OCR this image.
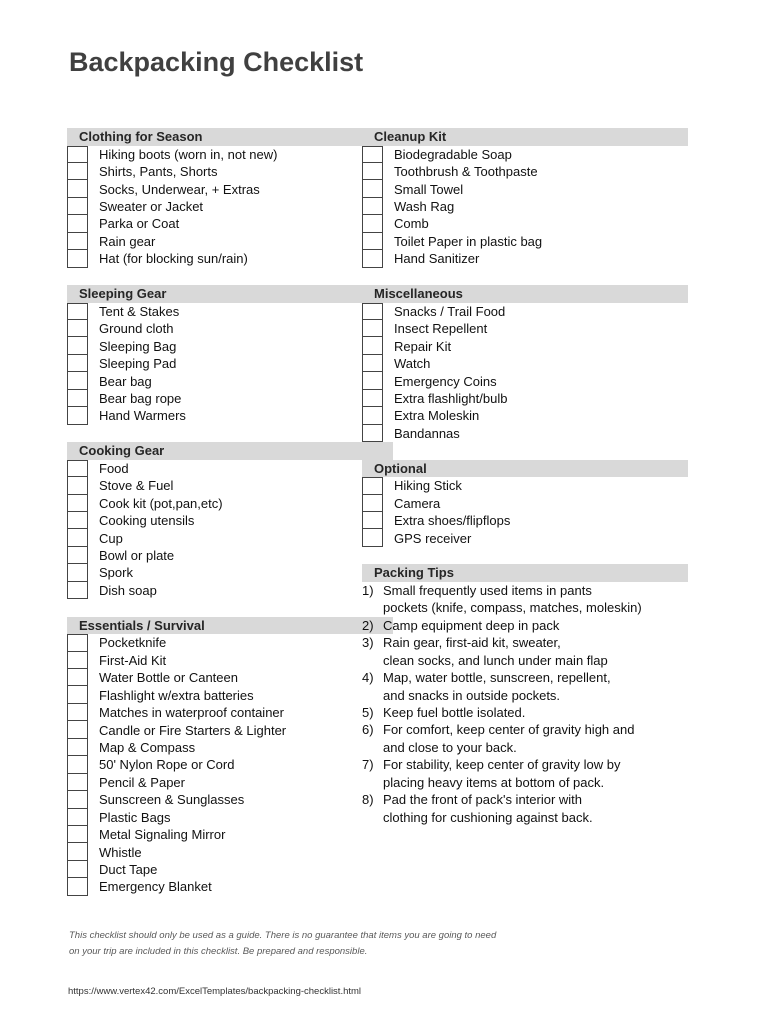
Backpacking Checklist
Clothing for Season
Hiking boots (worn in, not new)
Shirts, Pants, Shorts
Socks, Underwear, + Extras
Sweater or Jacket
Parka or Coat
Rain gear
Hat (for blocking sun/rain)
Sleeping Gear
Tent & Stakes
Ground cloth
Sleeping Bag
Sleeping Pad
Bear bag
Bear bag rope
Hand Warmers
Cooking Gear
Food
Stove & Fuel
Cook kit (pot,pan,etc)
Cooking utensils
Cup
Bowl or plate
Spork
Dish soap
Essentials / Survival
Pocketknife
First-Aid Kit
Water Bottle or Canteen
Flashlight w/extra batteries
Matches in waterproof container
Candle or Fire Starters & Lighter
Map & Compass
50' Nylon Rope or Cord
Pencil & Paper
Sunscreen & Sunglasses
Plastic Bags
Metal Signaling Mirror
Whistle
Duct Tape
Emergency Blanket
Cleanup Kit
Biodegradable Soap
Toothbrush & Toothpaste
Small Towel
Wash Rag
Comb
Toilet Paper in plastic bag
Hand Sanitizer
Miscellaneous
Snacks / Trail Food
Insect Repellent
Repair Kit
Watch
Emergency Coins
Extra flashlight/bulb
Extra Moleskin
Bandannas
Optional
Hiking Stick
Camera
Extra shoes/flipflops
GPS receiver
Packing Tips
1) Small frequently used items in pants
pockets (knife, compass, matches, moleskin)
2) Camp equipment deep in pack
3) Rain gear, first-aid kit, sweater,
clean socks, and lunch under main flap
4) Map, water bottle, sunscreen, repellent,
and snacks in outside pockets.
5) Keep fuel bottle isolated.
6) For comfort, keep center of gravity high and
and close to your back.
7) For stability, keep center of gravity low by
placing heavy items at bottom of pack.
8) Pad the front of pack's interior with
clothing for cushioning against back.

This checklist should only be used as a guide. There is no guarantee that items you are going to need
on your trip are included in this checklist. Be prepared and responsible.

https://www.vertex42.com/ExcelTemplates/backpacking-checklist.html
